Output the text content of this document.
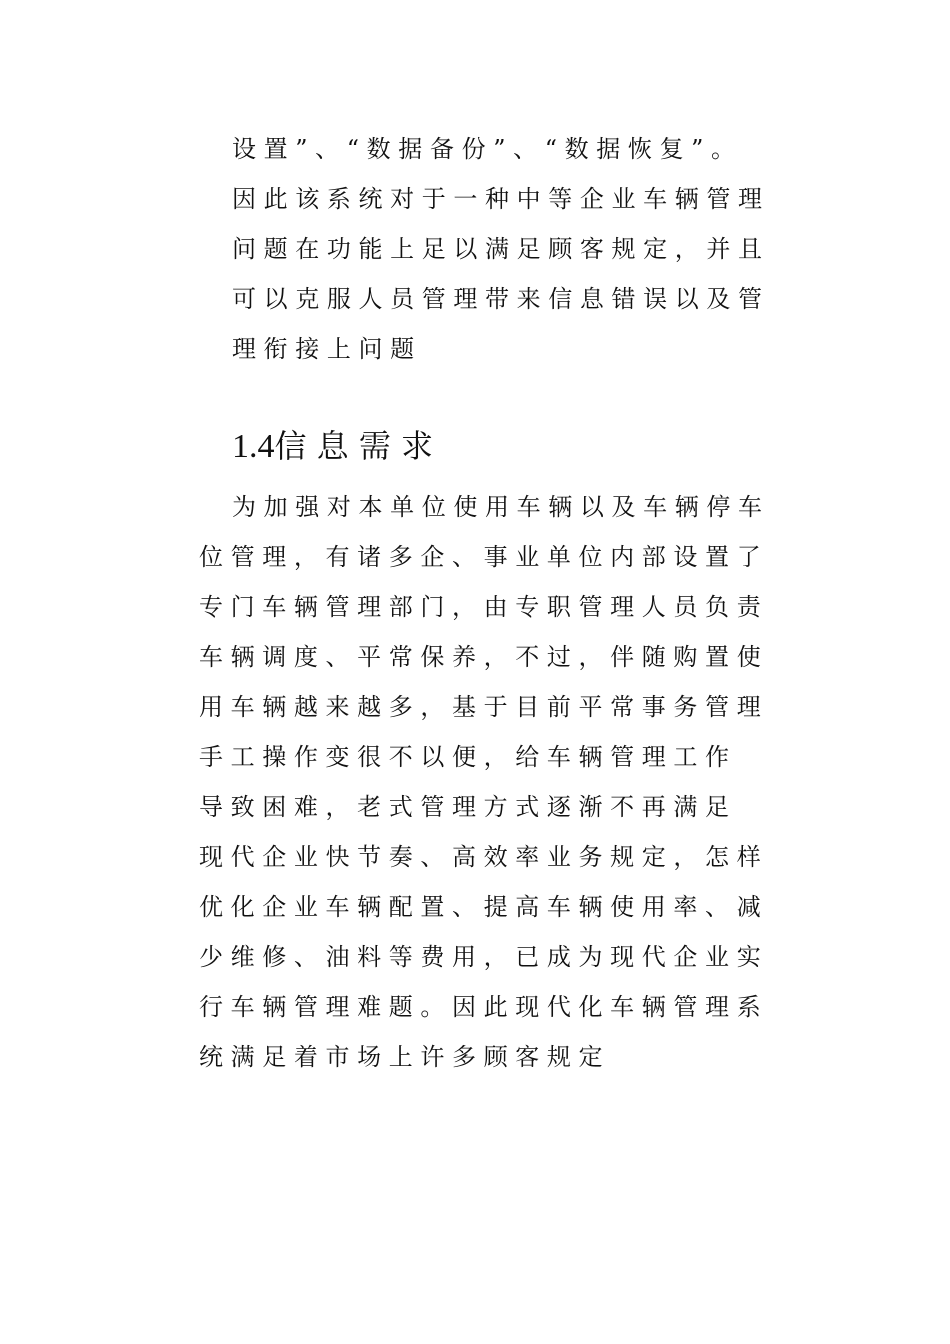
设 置 ” 、 “ 数 据 备 份 ” 、 “ 数 据 恢 复 ” 。
因 此 该 系 统 对 于 一 种 中 等 企 业 车 辆 管 理
问 题 在 功 能 上 足 以 满 足 顾 客 规 定 ， 并 且
可 以 克 服 人 员 管 理 带 来 信 息 错 误 以 及 管
理 衔 接 上 问 题
1.4信 息 需 求
为 加 强 对 本 单 位 使 用 车 辆 以 及 车 辆 停 车
位 管 理 ， 有 诸 多 企 、 事 业 单 位 内 部 设 置 了
专 门 车 辆 管 理 部 门 ， 由 专 职 管 理 人 员 负 责
车 辆 调 度 、 平 常 保 养 ， 不 过 ， 伴 随 购 置 使
用 车 辆 越 来 越 多 ， 基 于 目 前 平 常 事 务 管 理
手 工 操 作 变 很 不 以 便 ， 给 车 辆 管 理 工 作
导 致 困 难 ， 老 式 管 理 方 式 逐 渐 不 再 满 足
现 代 企 业 快 节 奏 、 高 效 率 业 务 规 定 ， 怎 样
优 化 企 业 车 辆 配 置 、 提 高 车 辆 使 用 率 、 减
少 维 修 、 油 料 等 费 用 ， 已 成 为 现 代 企 业 实
行 车 辆 管 理 难 题 。 因 此 现 代 化 车 辆 管 理 系
统 满 足 着 市 场 上 许 多 顾 客 规 定
